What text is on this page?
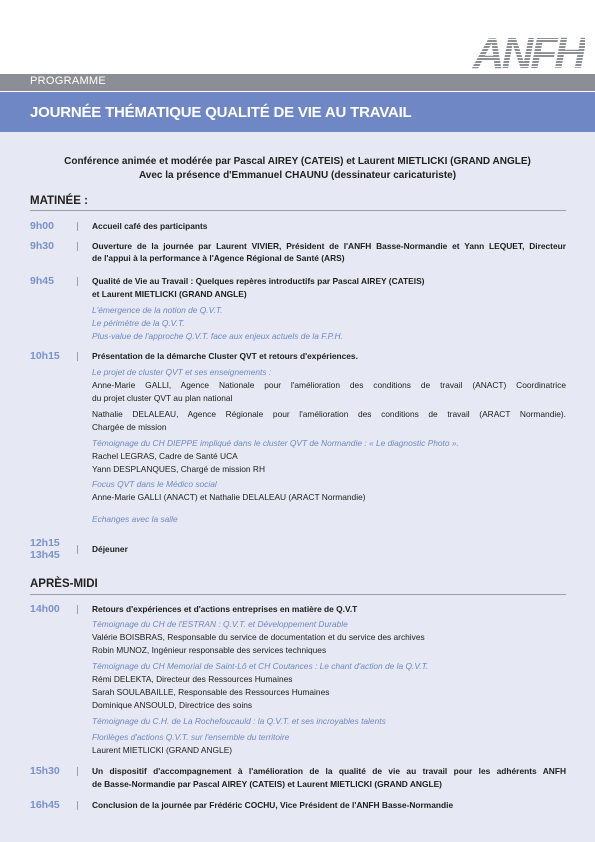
ANFH
PROGRAMME
JOURNÉE THÉMATIQUE QUALITÉ DE VIE AU TRAVAIL
Conférence animée et modérée par Pascal AIREY (CATEIS) et Laurent MIETLICKI (GRAND ANGLE)
Avec la présence d'Emmanuel CHAUNU (dessinateur caricaturiste)
MATINÉE :
9h00	Accueil café des participants
9h30	Ouverture de la journée par Laurent VIVIER, Président de l'ANFH Basse-Normandie et Yann LEQUET, Directeur
de l'appui à la performance à l'Agence Régional de Santé (ARS)
9h45	Qualité de Vie au Travail : Quelques repères introductifs par Pascal AIREY (CATEIS)
et Laurent MIETLICKI (GRAND ANGLE)
L'émergence de la notion de Q.V.T.
Le périmètre de la Q.V.T.
Plus-value de l'approche Q.V.T. face aux enjeux actuels de la F.P.H.
10h15	Présentation de la démarche Cluster QVT et retours d'expériences.
Le projet de cluster QVT et ses enseignements :
Anne-Marie GALLI, Agence Nationale pour l'amélioration des conditions de travail (ANACT) Coordinatrice
du projet cluster QVT au plan national
Nathalie DELALEAU, Agence Régionale pour l'amélioration des conditions de travail (ARACT Normandie).
Chargée de mission
Témoignage du CH DIEPPE impliqué dans le cluster QVT de Normandie : « Le diagnostic Photo ».
Rachel LEGRAS, Cadre de Santé UCA
Yann DESPLANQUES, Chargé de mission RH
Focus QVT dans le Médico social
Anne-Marie GALLI (ANACT) et Nathalie DELALEAU (ARACT Normandie)
Echanges avec la salle
12h15
13h45	Déjeuner
APRÈS-MIDI
14h00	Retours d'expériences et d'actions entreprises en matière de Q.V.T
Témoignage du CH de l'ESTRAN : Q.V.T. et Développement Durable
Valérie BOISBRAS, Responsable du service de documentation et du service des archives
Robin MUNOZ, Ingénieur responsable des services techniques
Témoignage du CH Memorial de Saint-Lô et CH Coutances : Le chant d'action de la Q.V.T.
Rémi DELEKTA, Directeur des Ressources Humaines
Sarah SOULABAILLE, Responsable des Ressources Humaines
Dominique ANSOULD, Directrice des soins
Témoignage du C.H. de La Rochefoucauld : la Q.V.T. et ses incroyables talents
Florilèges d'actions Q.V.T. sur l'ensemble du territoire
Laurent MIETLICKI (GRAND ANGLE)
15h30	Un dispositif d'accompagnement à l'amélioration de la qualité de vie au travail pour les adhérents ANFH
de Basse-Normandie par Pascal AIREY (CATEIS) et Laurent MIETLICKI (GRAND ANGLE)
16h45	Conclusion de la journée par Frédéric COCHU, Vice Président de l'ANFH Basse-Normandie
